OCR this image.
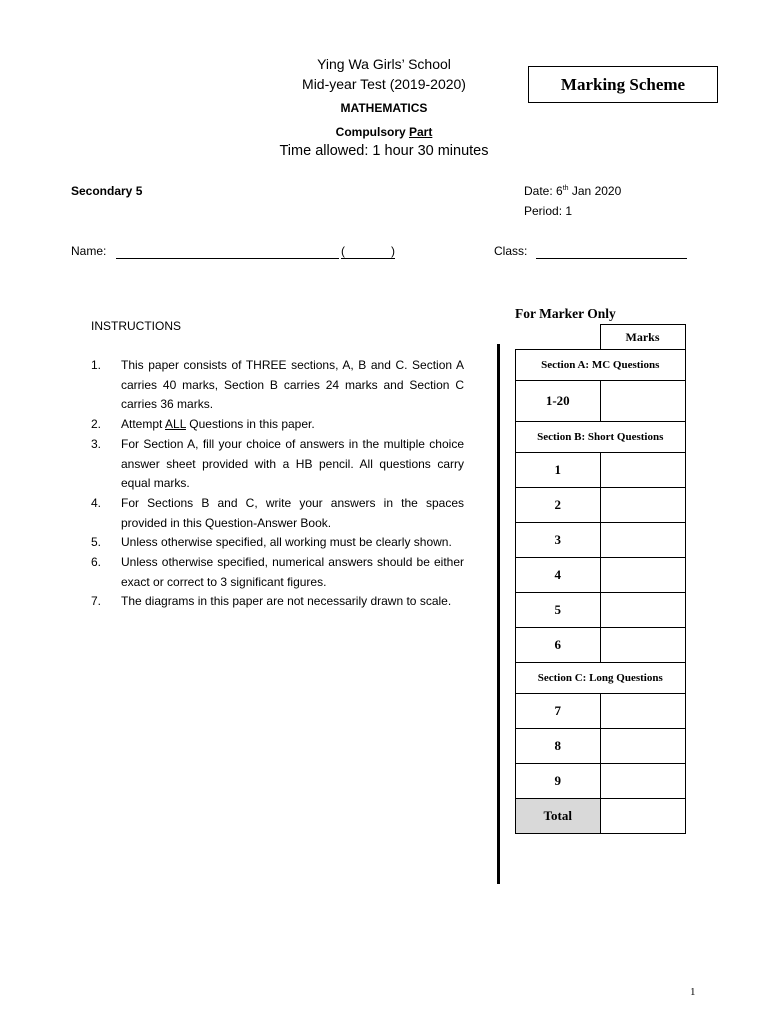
Ying Wa Girls’ School
Mid-year Test (2019-2020)
MATHEMATICS
Compulsory Part
Time allowed: 1 hour 30 minutes
Marking Scheme
Secondary 5	Date: 6th Jan 2020
Period: 1
Name:	(	)	Class:
INSTRUCTIONS
1. This paper consists of THREE sections, A, B and C. Section A carries 40 marks, Section B carries 24 marks and Section C carries 36 marks.
2. Attempt ALL Questions in this paper.
3. For Section A, fill your choice of answers in the multiple choice answer sheet provided with a HB pencil. All questions carry equal marks.
4. For Sections B and C, write your answers in the spaces provided in this Question-Answer Book.
5. Unless otherwise specified, all working must be clearly shown.
6. Unless otherwise specified, numerical answers should be either exact or correct to 3 significant figures.
7. The diagrams in this paper are not necessarily drawn to scale.
For Marker Only
	Marks
Section A: MC Questions	
1-20	
Section B: Short Questions	
1	
2	
3	
4	
5	
6	
Section C: Long Questions	
7	
8	
9	
Total	
1
